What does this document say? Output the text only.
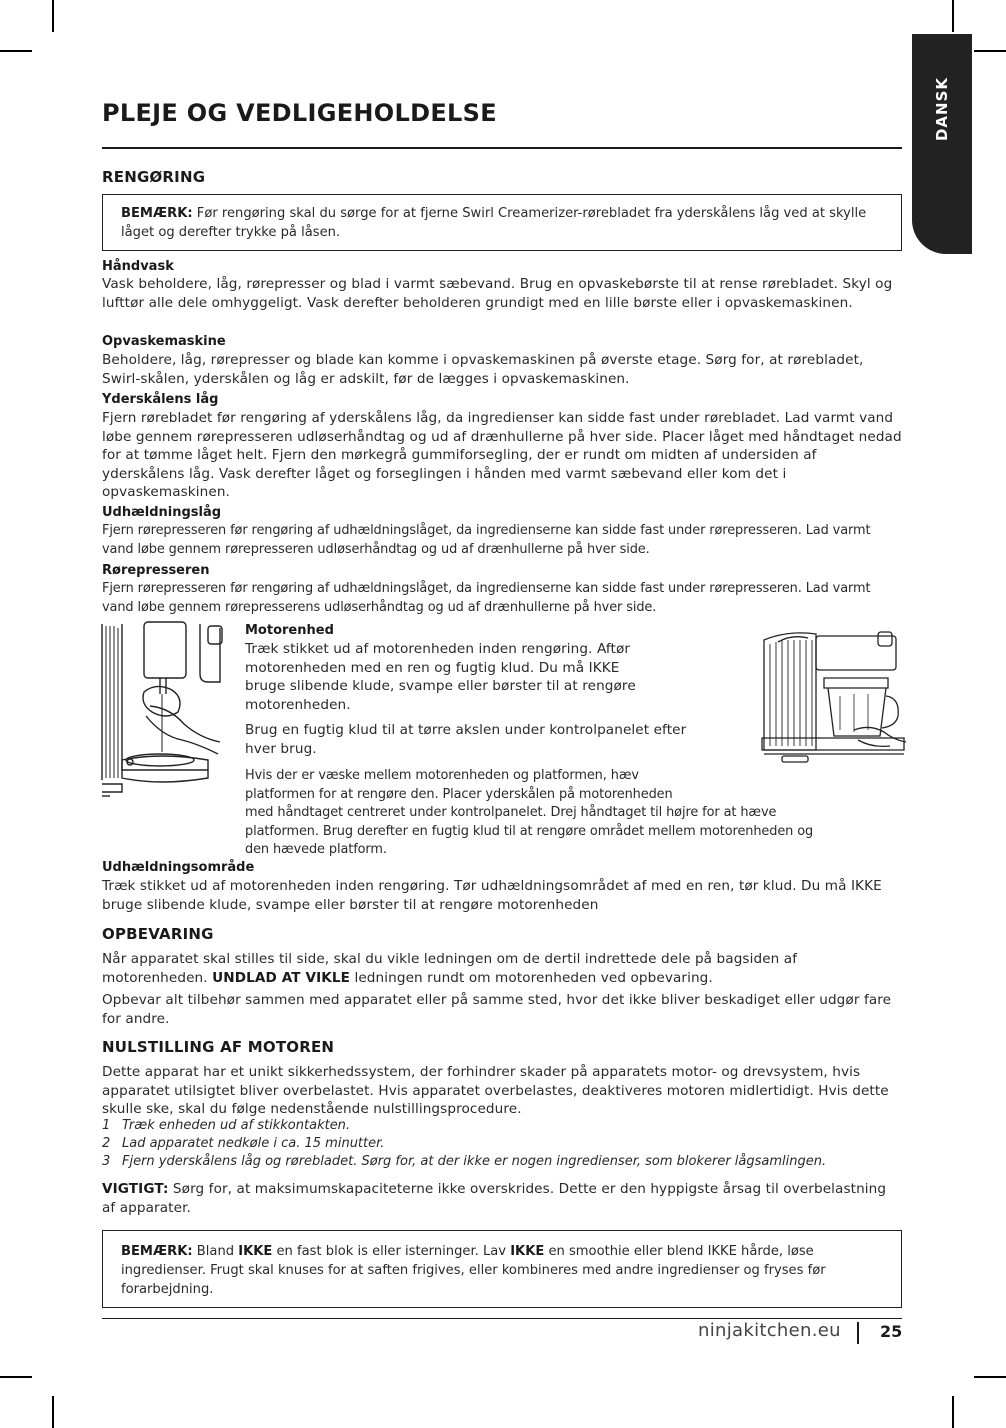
DANSK
PLEJE OG VEDLIGEHOLDELSE
RENGØRING
BEMÆRK: Før rengøring skal du sørge for at fjerne Swirl Creamerizer-rørebladet fra yderskålens låg ved at skylle låget og derefter trykke på låsen.
Håndvask

Vask beholdere, låg, rørepresser og blad i varmt sæbevand. Brug en opvaskebørste til at rense rørebladet. Skyl og lufttør alle dele omhyggeligt. Vask derefter beholderen grundigt med en lille børste eller i opvaskemaskinen.

Opvaskemaskine

Beholdere, låg, rørepresser og blade kan komme i opvaskemaskinen på øverste etage. Sørg for, at rørebladet, Swirl-skålen, yderskålen og låg er adskilt, før de lægges i opvaskemaskinen.

Yderskålens låg

Fjern rørebladet før rengøring af yderskålens låg, da ingredienser kan sidde fast under rørebladet. Lad varmt vand løbe gennem rørepresseren udløserhåndtag og ud af drænhullerne på hver side. Placer låget med håndtaget nedad for at tømme låget helt. Fjern den mørkegrå gummiforsegling, der er rundt om midten af undersiden af yderskålens låg. Vask derefter låget og forseglingen i hånden med varmt sæbevand eller kom det i opvaskemaskinen.

Udhældningslåg

Fjern rørepresseren før rengøring af udhældningslåget, da ingredienserne kan sidde fast under rørepresseren. Lad varmt vand løbe gennem rørepresseren udløserhåndtag og ud af drænhullerne på hver side.

Rørepresseren

Fjern rørepresseren før rengøring af udhældningslåget, da ingredienserne kan sidde fast under rørepresseren. Lad varmt vand løbe gennem rørepresserens udløserhåndtag og ud af drænhullerne på hver side.

Motorenhed
Træk stikket ud af motorenheden inden rengøring. Aftør
motorenheden med en ren og fugtig klud. Du må IKKE
bruge slibende klude, svampe eller børster til at rengøre
motorenheden.
Brug en fugtig klud til at tørre akslen under kontrolpanelet efter
hver brug.
Hvis der er væske mellem motorenheden og platformen, hæv
platformen for at rengøre den. Placer yderskålen på motorenheden
med håndtaget centreret under kontrolpanelet. Drej håndtaget til højre for at hæve
platformen. Brug derefter en fugtig klud til at rengøre området mellem motorenheden og
den hævede platform.
Udhældningsområde

Træk stikket ud af motorenheden inden rengøring. Tør udhældningsområdet af med en ren, tør klud. Du må IKKE bruge slibende klude, svampe eller børster til at rengøre motorenheden

OPBEVARING

Når apparatet skal stilles til side, skal du vikle ledningen om de dertil indrettede dele på bagsiden af motorenheden. UNDLAD AT VIKLE ledningen rundt om motorenheden ved opbevaring.

Opbevar alt tilbehør sammen med apparatet eller på samme sted, hvor det ikke bliver beskadiget eller udgør fare for andre.

NULSTILLING AF MOTOREN

Dette apparat har et unikt sikkerhedssystem, der forhindrer skader på apparatets motor- og drevsystem, hvis apparatet utilsigtet bliver overbelastet. Hvis apparatet overbelastes, deaktiveres motoren midlertidigt. Hvis dette skulle ske, skal du følge nedenstående nulstillingsprocedure.

1 Træk enheden ud af stikkontakten.
2 Lad apparatet nedkøle i ca. 15 minutter.
3 Fjern yderskålens låg og rørebladet. Sørg for, at der ikke er nogen ingredienser, som blokerer lågsamlingen.

VIGTIGT: Sørg for, at maksimumskapaciteterne ikke overskrides. Dette er den hyppigste årsag til overbelastning af apparater.

BEMÆRK: Bland IKKE en fast blok is eller isterninger. Lav IKKE en smoothie eller blend IKKE hårde, løse ingredienser. Frugt skal knuses for at saften frigives, eller kombineres med andre ingredienser og fryses før forarbejdning.
ninjakitchen.eu 25
